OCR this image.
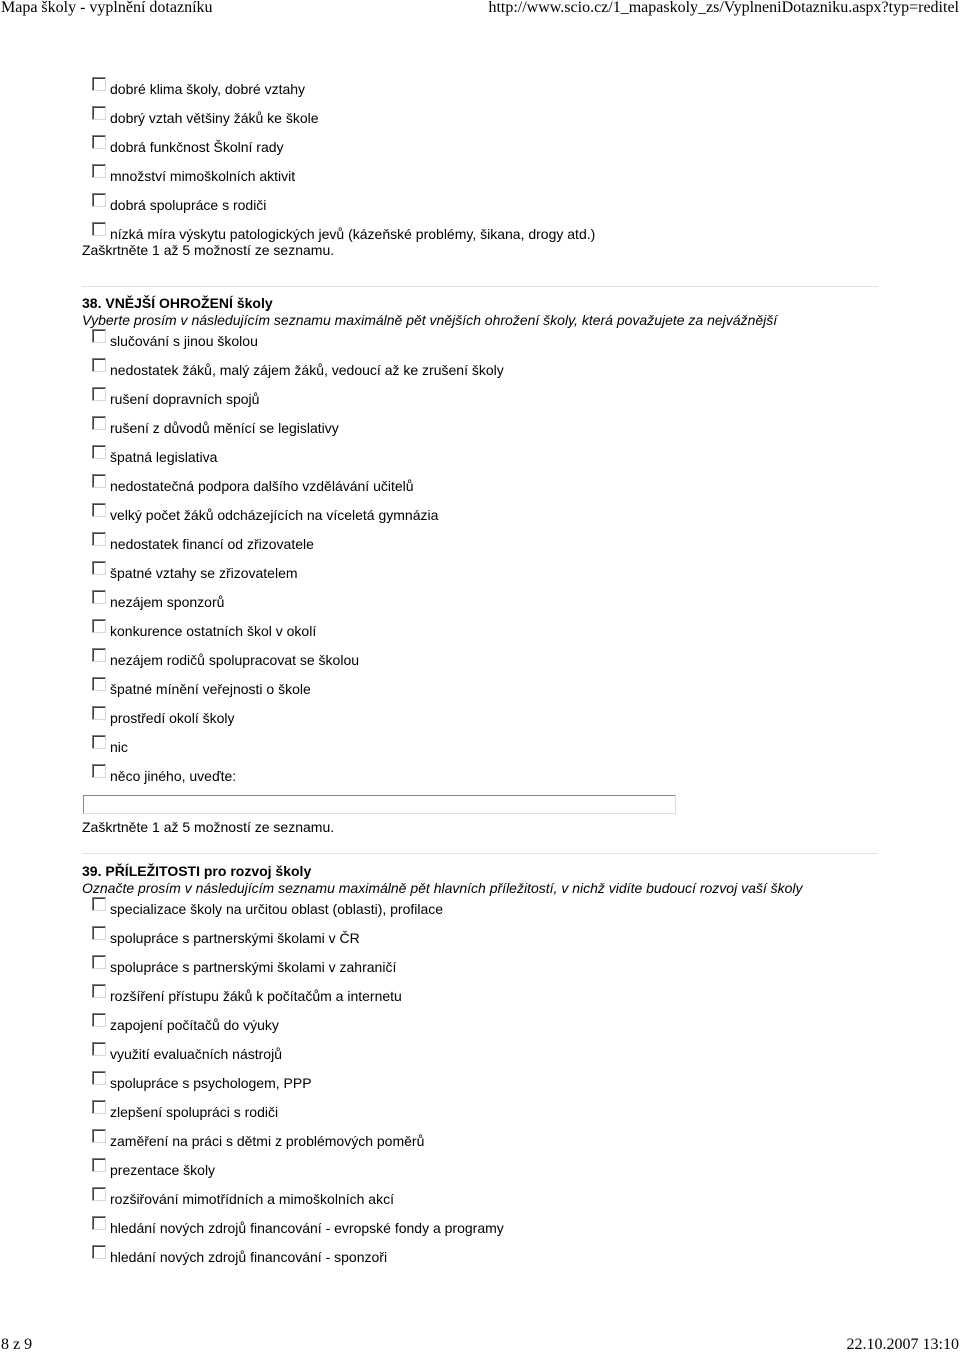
Mapa školy - vyplnění dotazníku	http://www.scio.cz/1_mapaskoly_zs/VyplneniDotazniku.aspx?typ=reditel
dobré klima školy, dobré vztahy
dobrý vztah většiny žáků ke škole
dobrá funkčnost Školní rady
množství mimoškolních aktivit
dobrá spolupráce s rodiči
nízká míra výskytu patologických jevů (kázeňské problémy, šikana, drogy atd.)
Zaškrtněte 1 až 5 možností ze seznamu.
38. VNĚJŠÍ OHROŽENÍ školy
Vyberte prosím v následujícím seznamu maximálně pět vnějších ohrožení školy, která považujete za nejvážnější
slučování s jinou školou
nedostatek žáků, malý zájem žáků, vedoucí až ke zrušení školy
rušení dopravních spojů
rušení z důvodů měnící se legislativy
špatná legislativa
nedostatečná podpora dalšího vzdělávání učitelů
velký počet žáků odcházejících na víceletá gymnázia
nedostatek financí od zřizovatele
špatné vztahy se zřizovatelem
nezájem sponzorů
konkurence ostatních škol v okolí
nezájem rodičů spolupracovat se školou
špatné mínění veřejnosti o škole
prostředí okolí školy
nic
něco jiného, uveďte:
Zaškrtněte 1 až 5 možností ze seznamu.
39. PŘÍLEŽITOSTI pro rozvoj školy
Označte prosím v následujícím seznamu maximálně pět hlavních příležitostí, v nichž vidíte budoucí rozvoj vaší školy
specializace školy na určitou oblast (oblasti), profilace
spolupráce s partnerskými školami v ČR
spolupráce s partnerskými školami v zahraničí
rozšíření přístupu žáků k počítačům a internetu
zapojení počítačů do výuky
využití evaluačních nástrojů
spolupráce s psychologem, PPP
zlepšení spolupráci s rodiči
zaměření na práci s dětmi z problémových poměrů
prezentace školy
rozšiřování mimotřídních a mimoškolních akcí
hledání nových zdrojů financování - evropské fondy a programy
hledání nových zdrojů financování - sponzoři
8 z 9	22.10.2007 13:10
